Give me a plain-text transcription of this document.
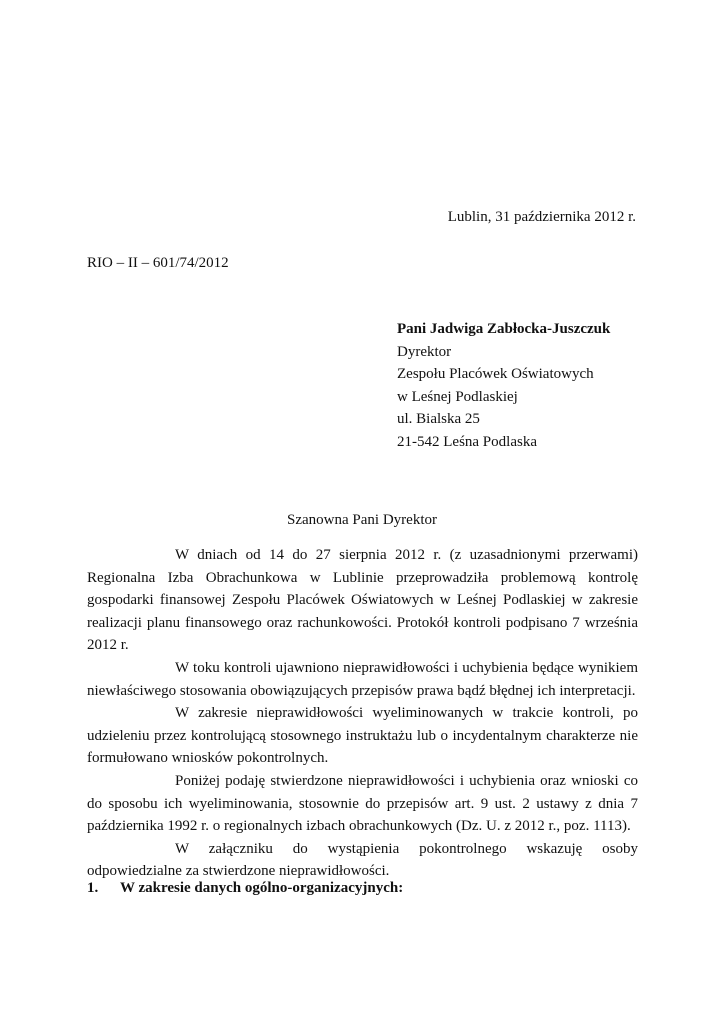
Lublin, 31 października 2012 r.
RIO – II – 601/74/2012
Pani Jadwiga Zabłocka-Juszczuk
Dyrektor
Zespołu Placówek Oświatowych
w Leśnej Podlaskiej
ul. Bialska 25
21-542 Leśna Podlaska
Szanowna Pani Dyrektor

W dniach od 14 do 27 sierpnia 2012 r. (z uzasadnionymi przerwami) Regionalna Izba Obrachunkowa w Lublinie przeprowadziła problemową kontrolę gospodarki finansowej Zespołu Placówek Oświatowych w Leśnej Podlaskiej w zakresie realizacji planu finansowego oraz rachunkowości. Protokół kontroli podpisano 7 września 2012 r.

W toku kontroli ujawniono nieprawidłowości i uchybienia będące wynikiem niewłaściwego stosowania obowiązujących przepisów prawa bądź błędnej ich interpretacji.

W zakresie nieprawidłowości wyeliminowanych w trakcie kontroli, po udzieleniu przez kontrolującą stosownego instruktażu lub o incydentalnym charakterze nie formułowano wniosków pokontrolnych.

Poniżej podaję stwierdzone nieprawidłowości i uchybienia oraz wnioski co do sposobu ich wyeliminowania, stosownie do przepisów art. 9 ust. 2 ustawy z dnia 7 października 1992 r. o regionalnych izbach obrachunkowych (Dz. U. z 2012 r., poz. 1113).

W załączniku do wystąpienia pokontrolnego wskazuję osoby odpowiedzialne za stwierdzone nieprawidłowości.

1. W zakresie danych ogólno-organizacyjnych:
